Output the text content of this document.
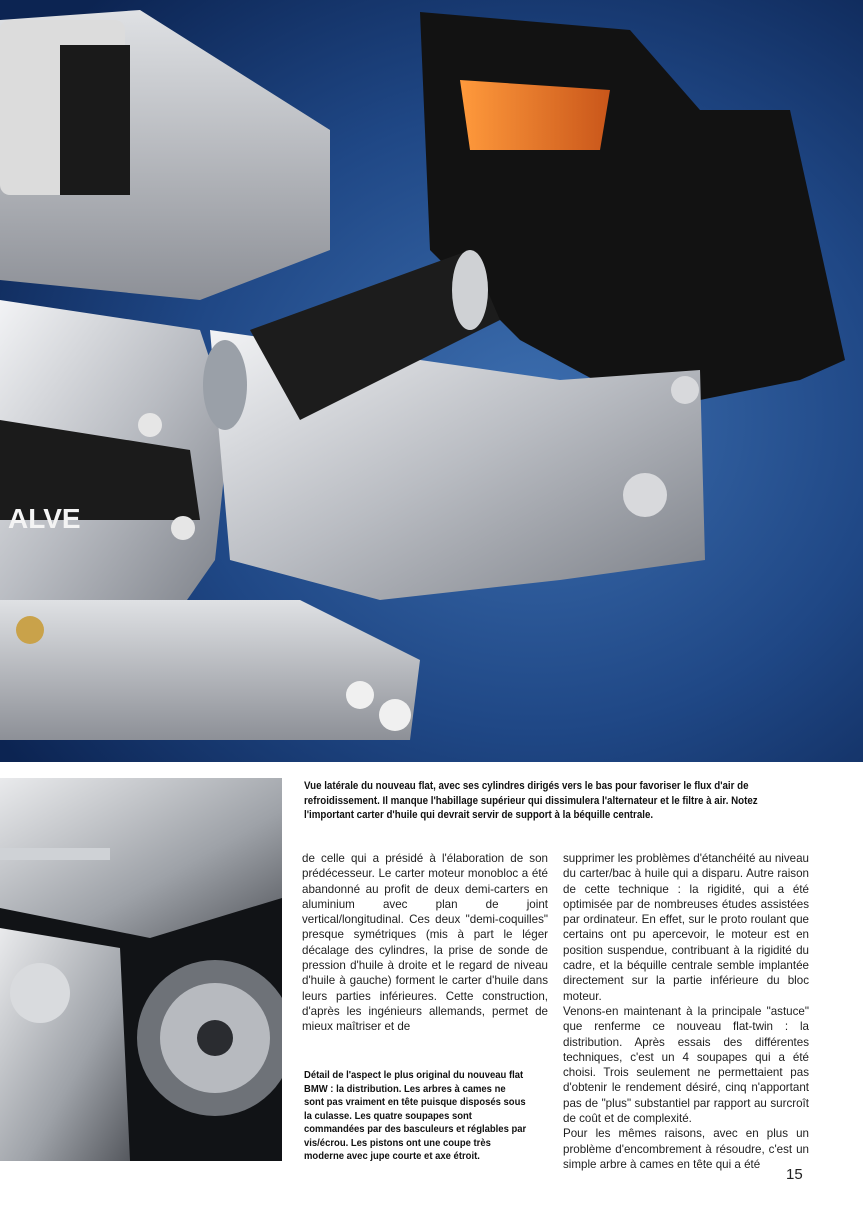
ALVE
Vue latérale du nouveau flat, avec ses cylindres dirigés vers le bas pour favoriser le flux d'air de refroidissement. Il manque l'habillage supérieur qui dissimulera l'alternateur et le filtre à air. Notez l'important carter d'huile qui devrait servir de support à la béquille centrale.

de celle qui a présidé à l'élaboration de son prédécesseur. Le carter moteur monobloc a été abandonné au profit de deux demi-carters en aluminium avec plan de joint vertical/longitudinal. Ces deux "demi-coquilles" presque symétriques (mis à part le léger décalage des cylindres, la prise de sonde de pression d'huile à droite et le regard de niveau d'huile à gauche) forment le carter d'huile dans leurs parties inférieures. Cette construction, d'après les ingénieurs allemands, permet de mieux maîtriser et de

Détail de l'aspect le plus original du nouveau flat BMW : la distribution. Les arbres à cames ne sont pas vraiment en tête puisque disposés sous la culasse. Les quatre soupapes sont commandées par des basculeurs et réglables par vis/écrou. Les pistons ont une coupe très moderne avec jupe courte et axe étroit.

supprimer les problèmes d'étanchéité au niveau du carter/bac à huile qui a disparu. Autre raison de cette technique : la rigidité, qui a été optimisée par de nombreuses études assistées par ordinateur. En effet, sur le proto roulant que certains ont pu apercevoir, le moteur est en position suspendue, contribuant à la rigidité du cadre, et la béquille centrale semble implantée directement sur la partie inférieure du bloc moteur.

Venons-en maintenant à la principale "astuce" que renferme ce nouveau flat-twin : la distribution. Après essais des différentes techniques, c'est un 4 soupapes qui a été choisi. Trois seulement ne permettaient pas d'obtenir le rendement désiré, cinq n'apportant pas de "plus" substantiel par rapport au surcroît de coût et de complexité.

Pour les mêmes raisons, avec en plus un problème d'encombrement à résoudre, c'est un simple arbre à cames en tête qui a été

15
